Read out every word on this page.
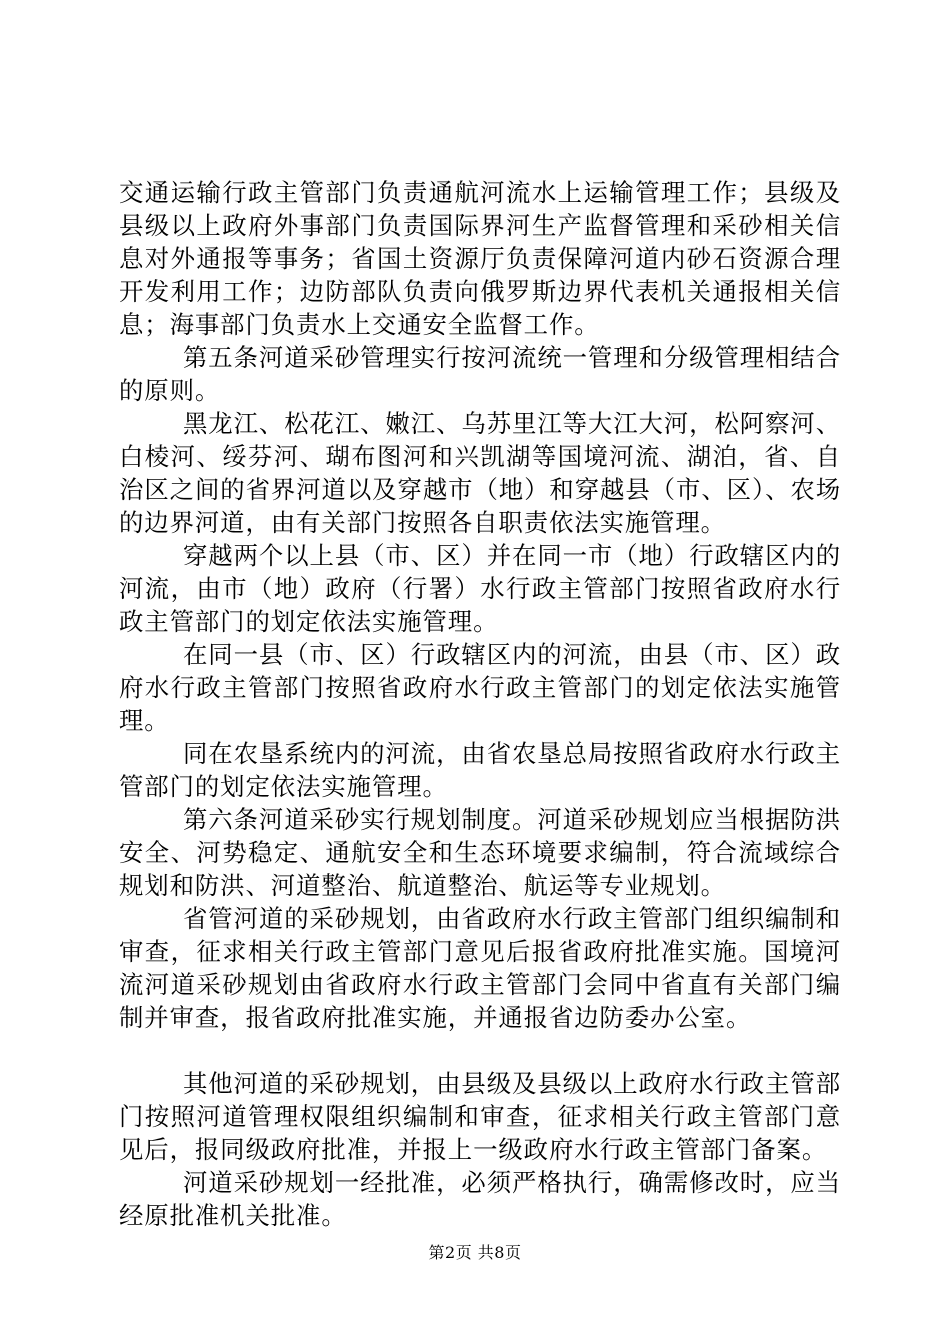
交通运输行政主管部门负责通航河流水上运输管理工作；县级及县级以上政府外事部门负责国际界河生产监督管理和采砂相关信息对外通报等事务；省国土资源厅负责保障河道内砂石资源合理开发利用工作；边防部队负责向俄罗斯边界代表机关通报相关信息；海事部门负责水上交通安全监督工作。

第五条河道采砂管理实行按河流统一管理和分级管理相结合的原则。

黑龙江、松花江、嫩江、乌苏里江等大江大河，松阿察河、白棱河、绥芬河、瑚布图河和兴凯湖等国境河流、湖泊，省、自治区之间的省界河道以及穿越市（地）和穿越县（市、区）、农场的边界河道，由有关部门按照各自职责依法实施管理。

穿越两个以上县（市、区）并在同一市（地）行政辖区内的河流，由市（地）政府（行署）水行政主管部门按照省政府水行政主管部门的划定依法实施管理。

在同一县（市、区）行政辖区内的河流，由县（市、区）政府水行政主管部门按照省政府水行政主管部门的划定依法实施管理。

同在农垦系统内的河流，由省农垦总局按照省政府水行政主管部门的划定依法实施管理。

第六条河道采砂实行规划制度。河道采砂规划应当根据防洪安全、河势稳定、通航安全和生态环境要求编制，符合流域综合规划和防洪、河道整治、航道整治、航运等专业规划。

省管河道的采砂规划，由省政府水行政主管部门组织编制和审查，征求相关行政主管部门意见后报省政府批准实施。国境河流河道采砂规划由省政府水行政主管部门会同中省直有关部门编制并审查，报省政府批准实施，并通报省边防委办公室。

其他河道的采砂规划，由县级及县级以上政府水行政主管部门按照河道管理权限组织编制和审查，征求相关行政主管部门意见后，报同级政府批准，并报上一级政府水行政主管部门备案。

河道采砂规划一经批准，必须严格执行，确需修改时，应当经原批准机关批准。

第2页 共8页
